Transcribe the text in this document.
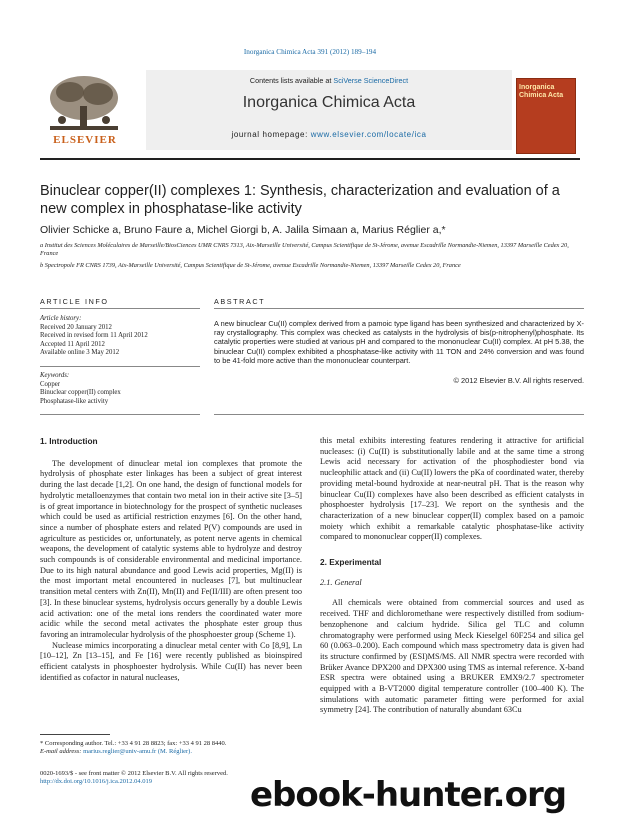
Inorganica Chimica Acta 391 (2012) 189–194
Contents lists available at SciVerse ScienceDirect
Inorganica Chimica Acta
journal homepage: www.elsevier.com/locate/ica
ELSEVIER
Inorganica Chimica Acta
Binuclear copper(II) complexes 1: Synthesis, characterization and evaluation of a new complex in phosphatase-like activity
Olivier Schicke a, Bruno Faure a, Michel Giorgi b, A. Jalila Simaan a, Marius Réglier a,*
a Institut des Sciences Moléculaires de Marseille/BiosCiences UMR CNRS 7313, Aix-Marseille Université, Campus Scientifique de St-Jérome, avenue Escadrille Normandie-Niemen, 13397 Marseille Cedex 20, France
b Spectropole FR CNRS 1739, Aix-Marseille Université, Campus Scientifique de St-Jérome, avenue Escadrille Normandie-Niemen, 13397 Marseille Cedex 20, France
ARTICLE INFO
Article history:
Received 20 January 2012
Received in revised form 11 April 2012
Accepted 11 April 2012
Available online 3 May 2012
Keywords:
Copper
Binuclear copper(II) complex
Phosphatase-like activity
ABSTRACT
A new binuclear Cu(II) complex derived from a pamoic type ligand has been synthesized and characterized by X-ray crystallography. This complex was checked as catalysts in the hydrolysis of bis(p-nitrophenyl)phosphate. Its catalytic properties were studied at various pH and compared to the mononuclear Cu(II) complex. At pH 5.38, the binuclear Cu(II) complex exhibited a phosphatase-like activity with 11 TON and 24% conversion and was found to be 41-fold more active than the mononuclear counterpart.
© 2012 Elsevier B.V. All rights reserved.
1. Introduction

The development of dinuclear metal ion complexes that promote the hydrolysis of phosphate ester linkages has been a subject of great interest during the last decade [1,2]. On one hand, the design of functional models for hydrolytic metalloenzymes that contain two metal ion in their active site [3–5] is of great importance in biotechnology for the prospect of synthetic nucleases which could be used as artificial restriction enzymes [6]. On the other hand, since a number of phosphate esters and related P(V) compounds are used in agriculture as pesticides or, unfortunately, as potent nerve agents in chemical weapons, the development of catalytic systems able to hydrolyze and destroy such compounds is of considerable environmental and medicinal importance. Due to its high natural abundance and good Lewis acid properties, Mg(II) is the most important metal encountered in nucleases [7], but multinuclear transition metal centers with Zn(II), Mn(II) and Fe(II/III) are often present too [3]. In these binuclear systems, hydrolysis occurs generally by a double Lewis acid activation: one of the metal ions renders the coordinated water more acidic while the second metal activates the phosphate ester group thus favoring an intramolecular hydrolysis of the phosphoester group (Scheme 1).

Nuclease mimics incorporating a dinuclear metal center with Co [8,9], Ln [10–12], Zn [13–15], and Fe [16] were recently published as bioinspired efficient catalysts in phosphoester hydrolysis. While Cu(II) has never been identified as cofactor in natural nucleases,

this metal exhibits interesting features rendering it attractive for artificial nucleases: (i) Cu(II) is substitutionally labile and at the same time a strong Lewis acid necessary for activation of the phosphodiester bond via nucleophilic attack and (ii) Cu(II) lowers the pKa of coordinated water, thereby providing metal-bound hydroxide at near-neutral pH. That is the reason why binuclear Cu(II) complexes have also been described as efficient catalysts in phosphoester hydrolysis [17–23]. We report on the synthesis and the characterization of a new binuclear copper(II) complex based on a pamoic moiety which exhibit a remarkable catalytic phosphatase-like activity compared to mononuclear copper(II) complexes.

2. Experimental
2.1. General

All chemicals were obtained from commercial sources and used as received. THF and dichloromethane were respectively distilled from sodium-benzophenone and calcium hydride. Silica gel TLC and column chromatography were performed using Meck Kieselgel 60F254 and silica gel 60 (0.063–0.200). Each compound which mass spectrometry data is given had its structure confirmed by (ESI)MS/MS. All NMR spectra were recorded with Brüker Avance DPX200 and DPX300 using TMS as internal reference. X-band ESR spectra were obtained using a BRUKER EMX9/2.7 spectrometer equipped with a B-VT2000 digital temperature controller (100–400 K). The simulations with automatic parameter fitting were performed for axial symmetry [24]. The contribution of naturally abundant 63Cu

* Corresponding author. Tel.: +33 4 91 28 8823; fax: +33 4 91 28 8440.
E-mail address: marius.reglier@univ-amu.fr (M. Réglier).
0020-1693/$ - see front matter © 2012 Elsevier B.V. All rights reserved.
http://dx.doi.org/10.1016/j.ica.2012.04.019	ebook-hunter.org
